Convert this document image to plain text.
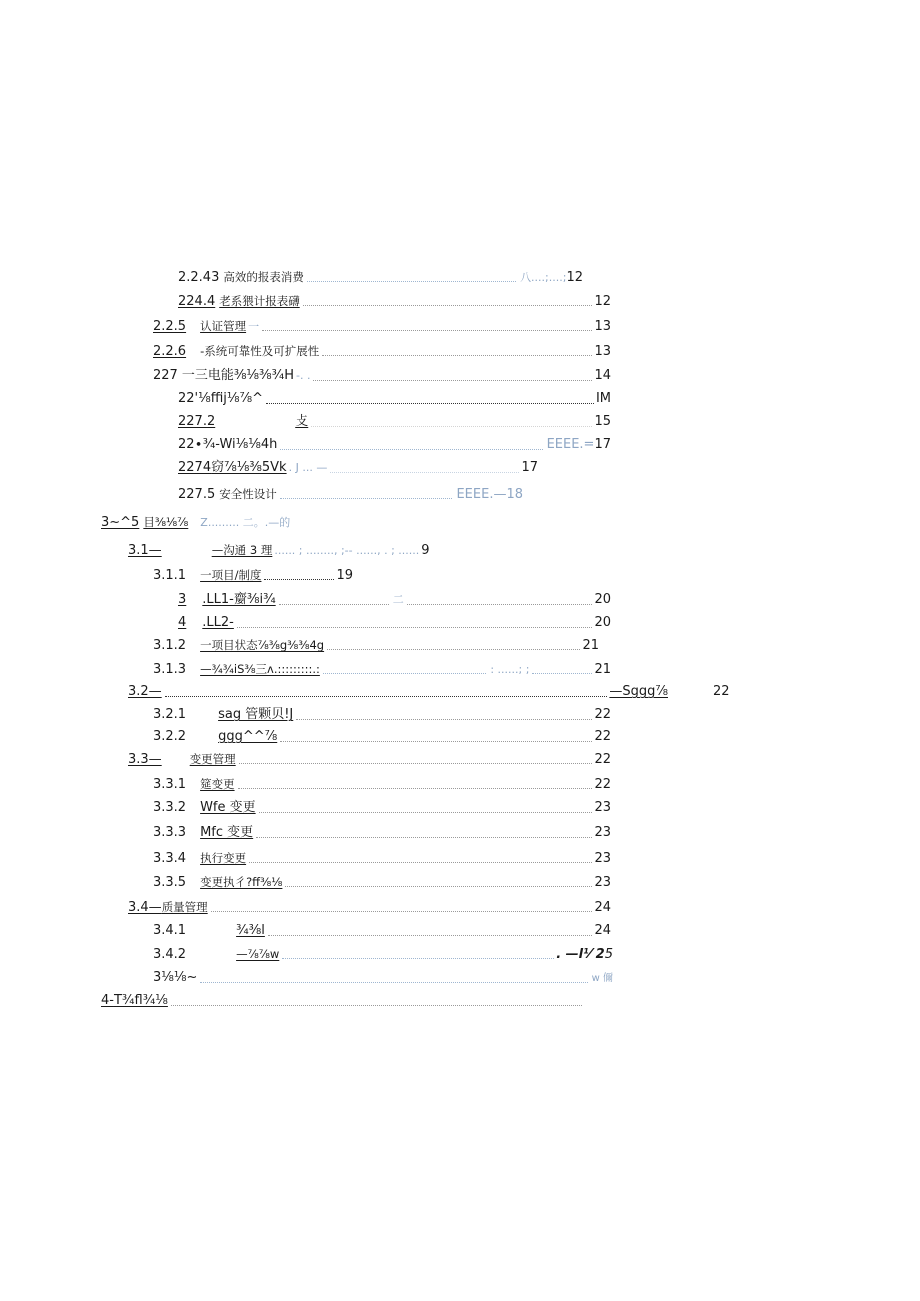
2.2.43 高效的报表消费	八....;....; 12
224.4 老系猥计报表礴	12
2.2.5 认证管理 一	13
2.2.6 -系统可靠性及可扩展性	13
227 一三电能⅜⅛⅜¾H -. .	14
22' ⅛ffij⅛⅞^	IM
227.2	攴	15
22∙ ¾-Wi⅛⅛4h	EEEE.= 17
2274 窃⅞⅛⅜5Vk . J ... —	17
227.5 安全性设计	EEEE.—18
3~^5 目⅜⅛⅞ Z......... 二。.—的
3.1—	—沟通 3 理 ...... ; ........, ;-- ......, . ; ...... 9
3.1.1 一项目/制度	19
3 .LL1-䶒⅜i¾	二	20
4 .LL2-	20
3.1.2 一项目状态⅞⅜g⅜⅜4g	21
3.1.3 —¾¾iS⅜三ʌ.:::::::::.:	: ......; ;	21
3.2—	—Sggg⅞	22
3.2.1 sag 管颗贝!J	22
3.2.2 ggg^^⅞	22
3.3— 变更管理	22
3.3.1 筵变更	22
3.3.2 Wfe 变更	23
3.3.3 Mfc 变更	23
3.3.4 执行变更	23
3.3.5 变更执彳?ff⅜⅛	23
3.4— 质量管理	24
3.4.1	¾⅜l	24
3.4.2	—⅞⅞w	. —l⅟ 2 5
3⅛⅛~	w 儞
4- T¾fl¾⅛
